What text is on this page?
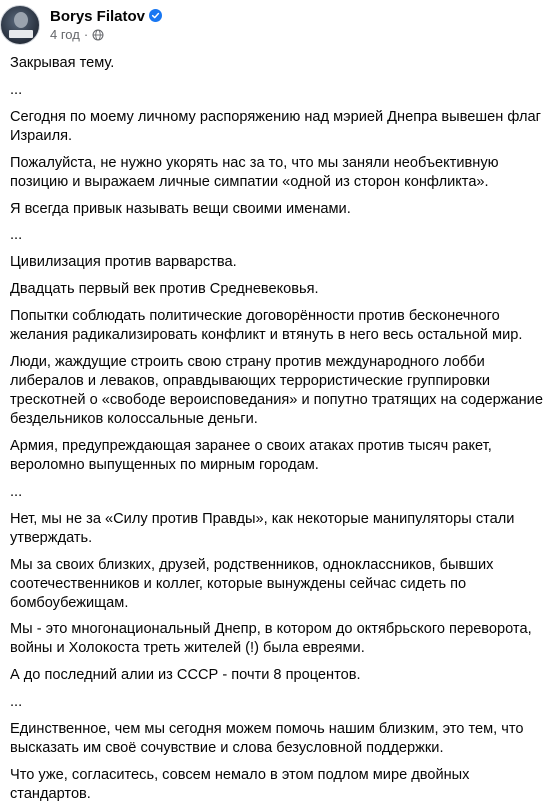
Borys Filatov
4 год ·

Закрывая тему.

...

Сегодня по моему личному распоряжению над мэрией Днепра вывешен флаг Израиля.

Пожалуйста, не нужно укорять нас за то, что мы заняли необъективную позицию и выражаем личные симпатии «одной из сторон конфликта».

Я всегда привык называть вещи своими именами.

...

Цивилизация против варварства.

Двадцать первый век против Средневековья.

Попытки соблюдать политические договорённости против бесконечного желания радикализировать конфликт и втянуть в него весь остальной мир.

Люди, жаждущие строить свою страну против международного лобби либералов и леваков, оправдывающих террористические группировки трескотней о «свободе вероисповедания» и попутно тратящих на содержание бездельников колоссальные деньги.

Армия, предупреждающая заранее о своих атаках против тысяч ракет, вероломно выпущенных по мирным городам.

...

Нет, мы не за «Силу против Правды», как некоторые манипуляторы стали утверждать.

Мы за своих близких, друзей, родственников, одноклассников, бывших соотечественников и коллег, которые вынуждены сейчас сидеть по бомбоубежищам.

Мы - это многонациональный Днепр, в котором до октябрьского переворота, войны и Холокоста треть жителей (!) была евреями.

А до последний алии из СССР - почти 8 процентов.

...

Единственное, чем мы сегодня можем помочь нашим близким, это тем, что высказать им своё сочувствие и слова безусловной поддержки.

Что уже, согласитесь, совсем немало в этом подлом мире двойных стандартов.
